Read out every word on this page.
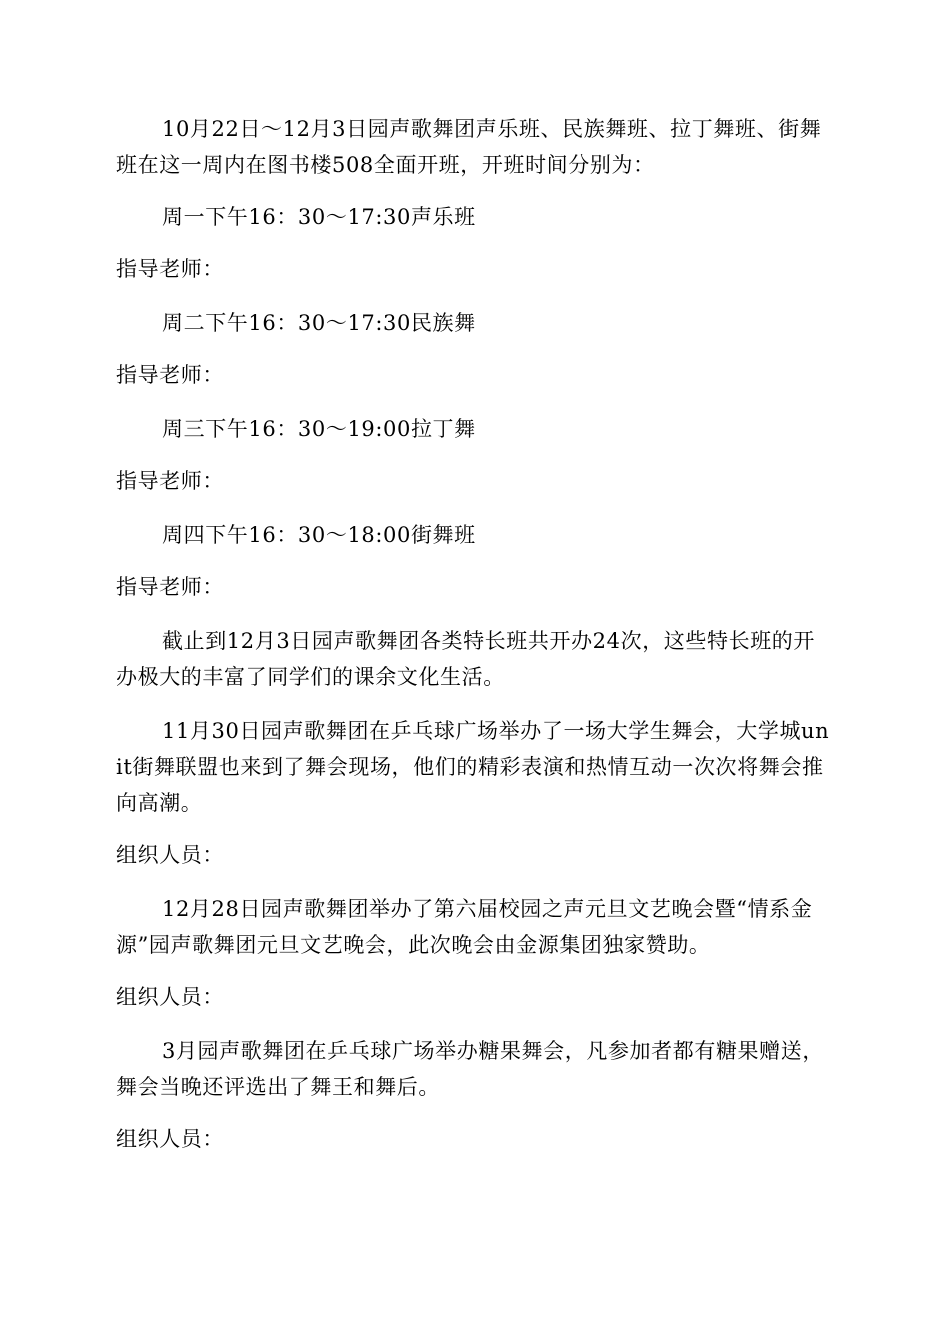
10月22日～12月3日园声歌舞团声乐班、民族舞班、拉丁舞班、街舞班在这一周内在图书楼508全面开班，开班时间分别为：

周一下午16：30～17:30声乐班

指导老师：

周二下午16：30～17:30民族舞

指导老师：

周三下午16：30～19:00拉丁舞

指导老师：

周四下午16：30～18:00街舞班

指导老师：

截止到12月3日园声歌舞团各类特长班共开办24次，这些特长班的开办极大的丰富了同学们的课余文化生活。

11月30日园声歌舞团在乒乓球广场举办了一场大学生舞会，大学城unit街舞联盟也来到了舞会现场，他们的精彩表演和热情互动一次次将舞会推向高潮。

组织人员：

12月28日园声歌舞团举办了第六届校园之声元旦文艺晚会暨“情系金源”园声歌舞团元旦文艺晚会，此次晚会由金源集团独家赞助。

组织人员：

3月园声歌舞团在乒乓球广场举办糖果舞会，凡参加者都有糖果赠送，舞会当晚还评选出了舞王和舞后。

组织人员：
